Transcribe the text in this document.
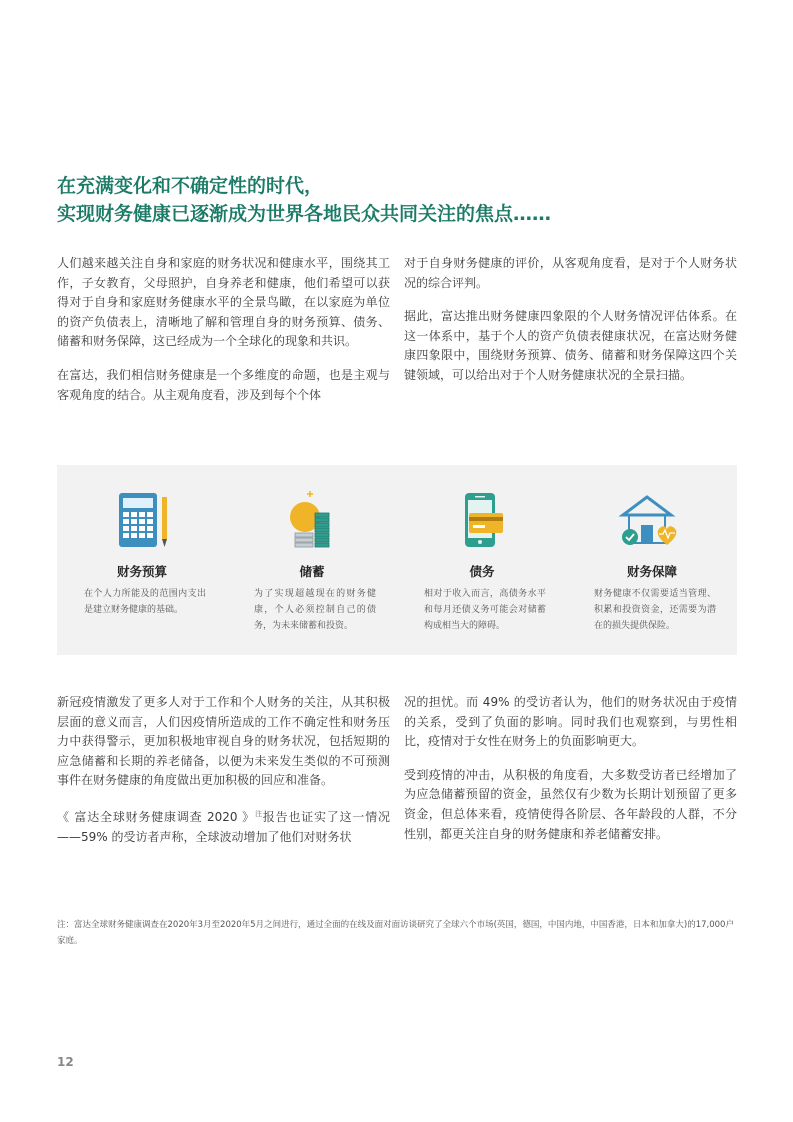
在充满变化和不确定性的时代，
实现财务健康已逐渐成为世界各地民众共同关注的焦点……

人们越来越关注自身和家庭的财务状况和健康水平，围绕其工作，子女教育，父母照护，自身养老和健康，他们希望可以获得对于自身和家庭财务健康水平的全景鸟瞰，在以家庭为单位的资产负债表上，清晰地了解和管理自身的财务预算、债务、储蓄和财务保障，这已经成为一个全球化的现象和共识。

在富达，我们相信财务健康是一个多维度的命题，也是主观与客观角度的结合。从主观角度看，涉及到每个个体

对于自身财务健康的评价，从客观角度看，是对于个人财务状况的综合评判。

据此，富达推出财务健康四象限的个人财务情况评估体系。在这一体系中，基于个人的资产负债表健康状况，在富达财务健康四象限中，围绕财务预算、债务、储蓄和财务保障这四个关键领域，可以给出对于个人财务健康状况的全景扫描。

财务预算
在个人力所能及的范围内支出是建立财务健康的基础。
储蓄
为了实现超越现在的财务健康，个人必须控制自己的债务，为未来储蓄和投资。
债务
相对于收入而言，高债务水平和每月还债义务可能会对储蓄构成相当大的障碍。
财务保障
财务健康不仅需要适当管理、积累和投资资金，还需要为潜在的损失提供保险。

新冠疫情激发了更多人对于工作和个人财务的关注，从其积极层面的意义而言，人们因疫情所造成的工作不确定性和财务压力中获得警示，更加积极地审视自身的财务状况，包括短期的应急储蓄和长期的养老储备，以便为未来发生类似的不可预测事件在财务健康的角度做出更加积极的回应和准备。

《 富达全球财务健康调查 2020 》$^注$报告也证实了这一情况——59% 的受访者声称，全球波动增加了他们对财务状

况的担忧。而 49% 的受访者认为，他们的财务状况由于疫情的关系，受到了负面的影响。同时我们也观察到，与男性相比，疫情对于女性在财务上的负面影响更大。

受到疫情的冲击，从积极的角度看，大多数受访者已经增加了为应急储蓄预留的资金，虽然仅有少数为长期计划预留了更多资金，但总体来看，疫情使得各阶层、各年龄段的人群，不分性别，都更关注自身的财务健康和养老储蓄安排。

注：富达全球财务健康调查在2020年3月至2020年5月之间进行，通过全面的在线及面对面访谈研究了全球六个市场(英国，德国，中国内地，中国香港，日本和加拿大)的17,000户家庭。
12
